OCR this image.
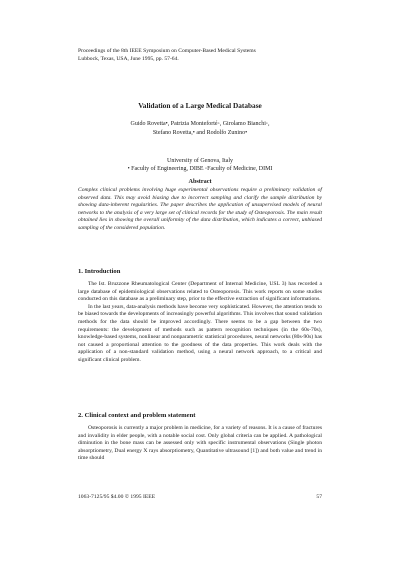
Proceedings of the 8th IEEE Symposium on Computer-Based Medical Systems
Lubbock, Texas, USA, June 1995, pp. 57-64.
Validation of a Large Medical Database
Guido Rovetta•, Patrizia Monteforté◦, Girolamo Bianchi◦,
Stefano Rovetta,• and Rodolfo Zunino•
University of Genova, Italy
• Faculty of Engineering, DIBE ◦Faculty of Medicine, DIMI
Abstract
Complex clinical problems involving huge experimental observations require a preliminary validation of observed data. This may avoid biasing due to incorrect sampling and clarify the sample distribution by showing data-inherent regularities. The paper describes the application of unsupervised models of neural networks to the analysis of a very large set of clinical records for the study of Osteoporosis. The main result obtained lies in showing the overall uniformity of the data distribution, which indicates a correct, unbiased sampling of the considered population.
1. Introduction

The Ist. Bruzzone Rheumatological Center (Department of Internal Medicine, USL 3) has recorded a large database of epidemiological observations related to Osteoporosis. This work reports on some studies conducted on this database as a preliminary step, prior to the effective extraction of significant informations.

In the last years, data-analysis methods have become very sophisticated. However, the attention tends to be biased towards the developments of increasingly powerful algorithms. This involves that sound validation methods for the data should be improved accordingly. There seems to be a gap between the two requirements: the development of methods such as pattern recognition techniques (in the 60s-70s), knowledge-based systems, nonlinear and nonparametric statistical procedures, neural networks (80s-90s) has not caused a proportional attention to the goodness of the data properties. This work deals with the application of a non-standard validation method, using a neural network approach, to a critical and significant clinical problem.

2. Clinical context and problem statement

Osteoporosis is currently a major problem in medicine, for a variety of reasons. It is a cause of fractures and invalidity in elder people, with a notable social cost. Only global criteria can be applied. A pathological diminution in the bone mass can be assessed only with specific instrumental observations (Single photon absorptiometry, Dual energy X rays absorptiometry, Quantitative ultrasound [1]) and both value and trend in time should

1063-7125/95 $4.00 © 1995 IEEE	57
